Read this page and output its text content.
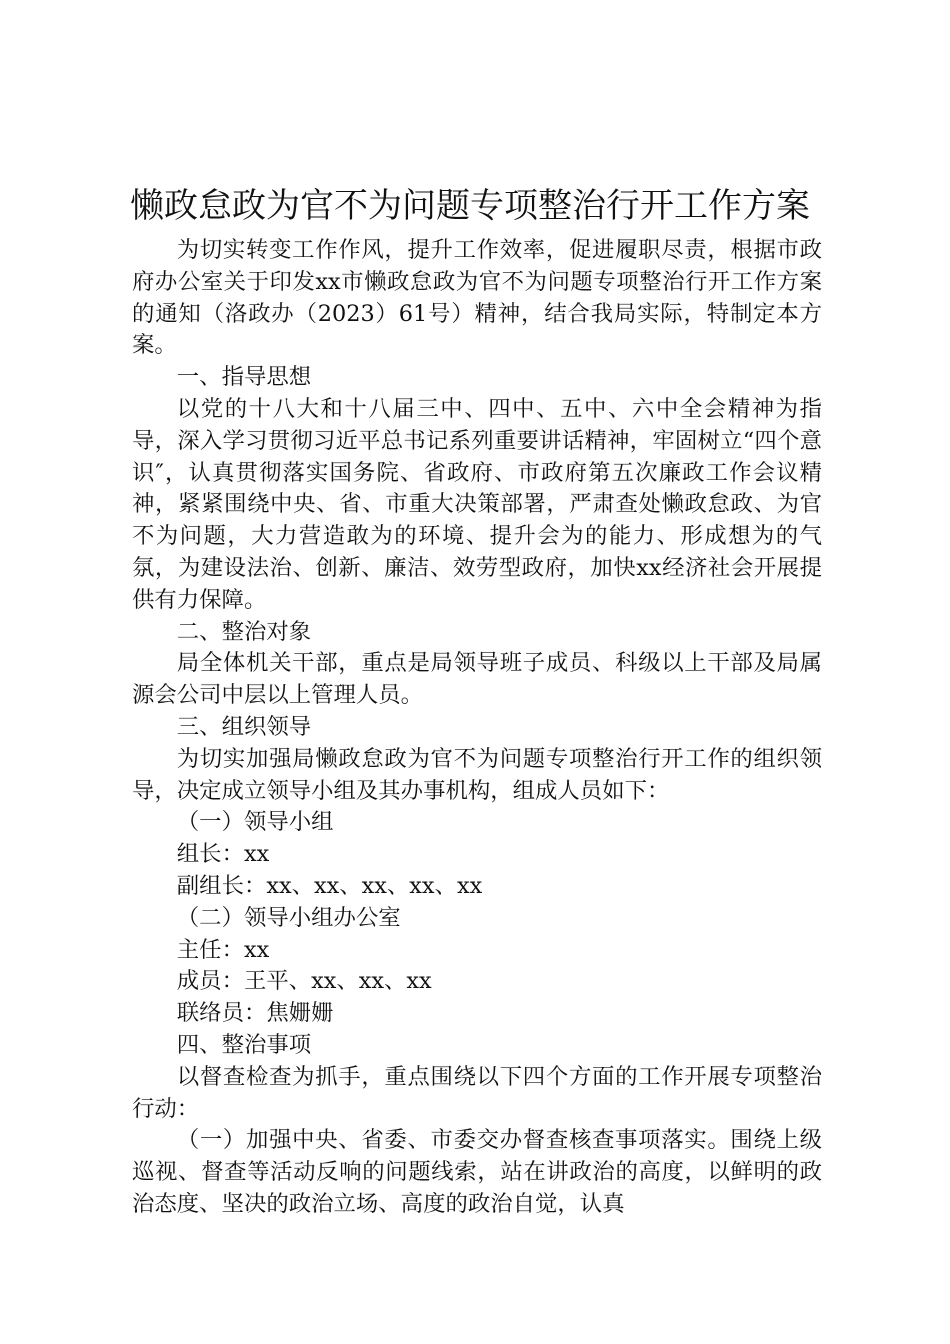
懒政怠政为官不为问题专项整治行开工作方案

为切实转变工作作风，提升工作效率，促进履职尽责，根据市政府办公室关于印发xx市懒政怠政为官不为问题专项整治行开工作方案的通知（洛政办（2023）61号）精神，结合我局实际，特制定本方案。

一、指导思想

以党的十八大和十八届三中、四中、五中、六中全会精神为指导，深入学习贯彻习近平总书记系列重要讲话精神，牢固树立“四个意识″，认真贯彻落实国务院、省政府、市政府第五次廉政工作会议精神，紧紧围绕中央、省、市重大决策部署，严肃查处懒政怠政、为官不为问题，大力营造敢为的环境、提升会为的能力、形成想为的气氛，为建设法治、创新、廉洁、效劳型政府，加快xx经济社会开展提供有力保障。

二、整治对象

局全体机关干部，重点是局领导班子成员、科级以上干部及局属源会公司中层以上管理人员。

三、组织领导

为切实加强局懒政怠政为官不为问题专项整治行开工作的组织领导，决定成立领导小组及其办事机构，组成人员如下：

（一）领导小组

组长：xx

副组长：xx、xx、xx、xx、xx

（二）领导小组办公室

主任：xx

成员：王平、xx、xx、xx

联络员：焦姗姗

四、整治事项

以督查检查为抓手，重点围绕以下四个方面的工作开展专项整治行动：

（一）加强中央、省委、市委交办督查核查事项落实。围绕上级巡视、督查等活动反响的问题线索，站在讲政治的高度，以鲜明的政治态度、坚决的政治立场、高度的政治自觉，认真
